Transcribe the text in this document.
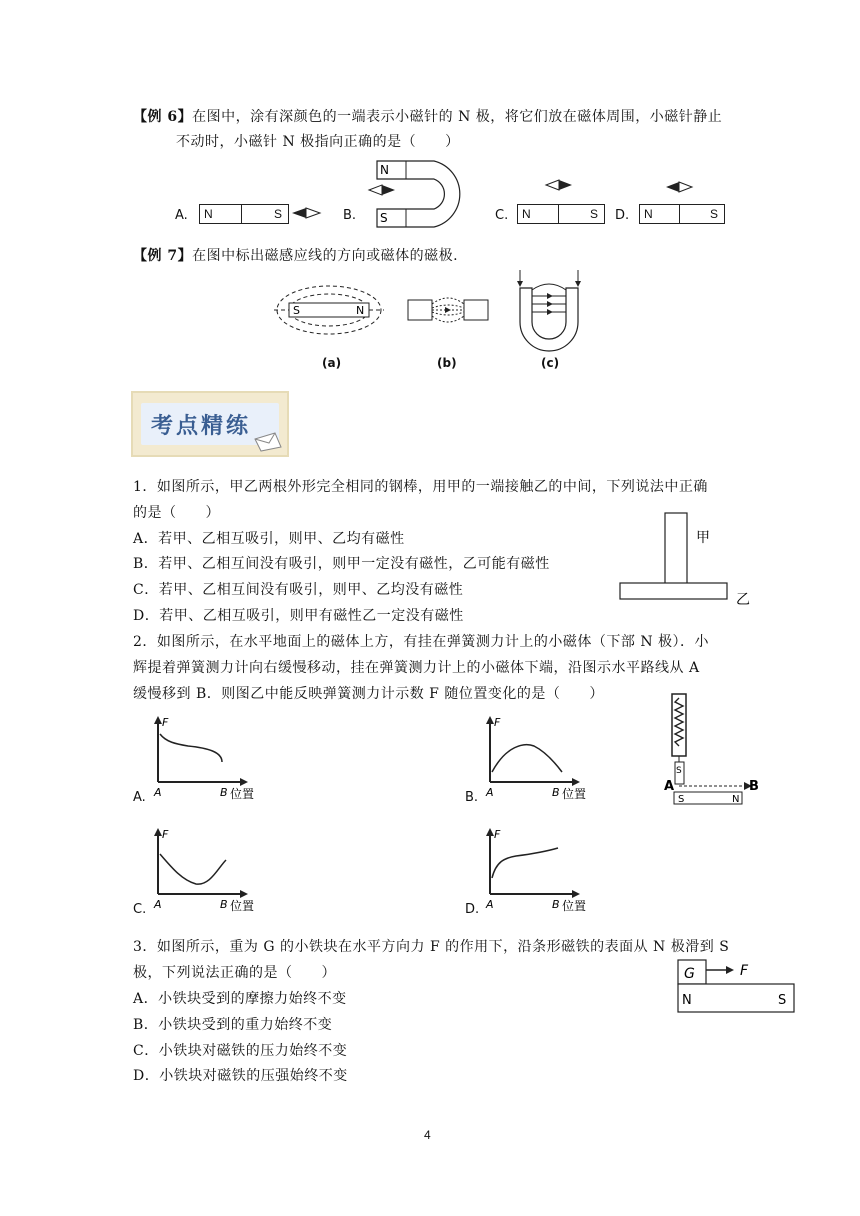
【例 6】在图中，涂有深颜色的一端表示小磁针的 N 极，将它们放在磁体周围，小磁针静止
不动时，小磁针 N 极指向正确的是（　　）
A.	N	S	B.
N
S	C.	N	S	D.	N	S
【例 7】在图中标出磁感应线的方向或磁体的磁极.
S	N
(a)	(b)	(c)
考点精练
1．如图所示，甲乙两根外形完全相同的钢棒，用甲的一端接触乙的中间，下列说法中正确
的是（　　）
A．若甲、乙相互吸引，则甲、乙均有磁性
B．若甲、乙相互间没有吸引，则甲一定没有磁性，乙可能有磁性
C．若甲、乙相互间没有吸引，则甲、乙均没有磁性
D．若甲、乙相互吸引，则甲有磁性乙一定没有磁性
甲
乙
2．如图所示，在水平地面上的磁体上方，有挂在弹簧测力计上的小磁体（下部 N 极）．小
辉提着弹簧测力计向右缓慢移动，挂在弹簧测力计上的小磁体下端，沿图示水平路线从 A
缓慢移到 B．则图乙中能反映弹簧测力计示数 F 随位置变化的是（　　）
A.
F
A	B 位置	B.
F
A	B 位置
S
A	B
S	N
C.
F
A	B 位置	D.
F
A	B 位置
3．如图所示，重为 G 的小铁块在水平方向力 F 的作用下，沿条形磁铁的表面从 N 极滑到 S
极，下列说法正确的是（　　）
A．小铁块受到的摩擦力始终不变
B．小铁块受到的重力始终不变
C．小铁块对磁铁的压力始终不变
D．小铁块对磁铁的压强始终不变
G	F
N	S
4
